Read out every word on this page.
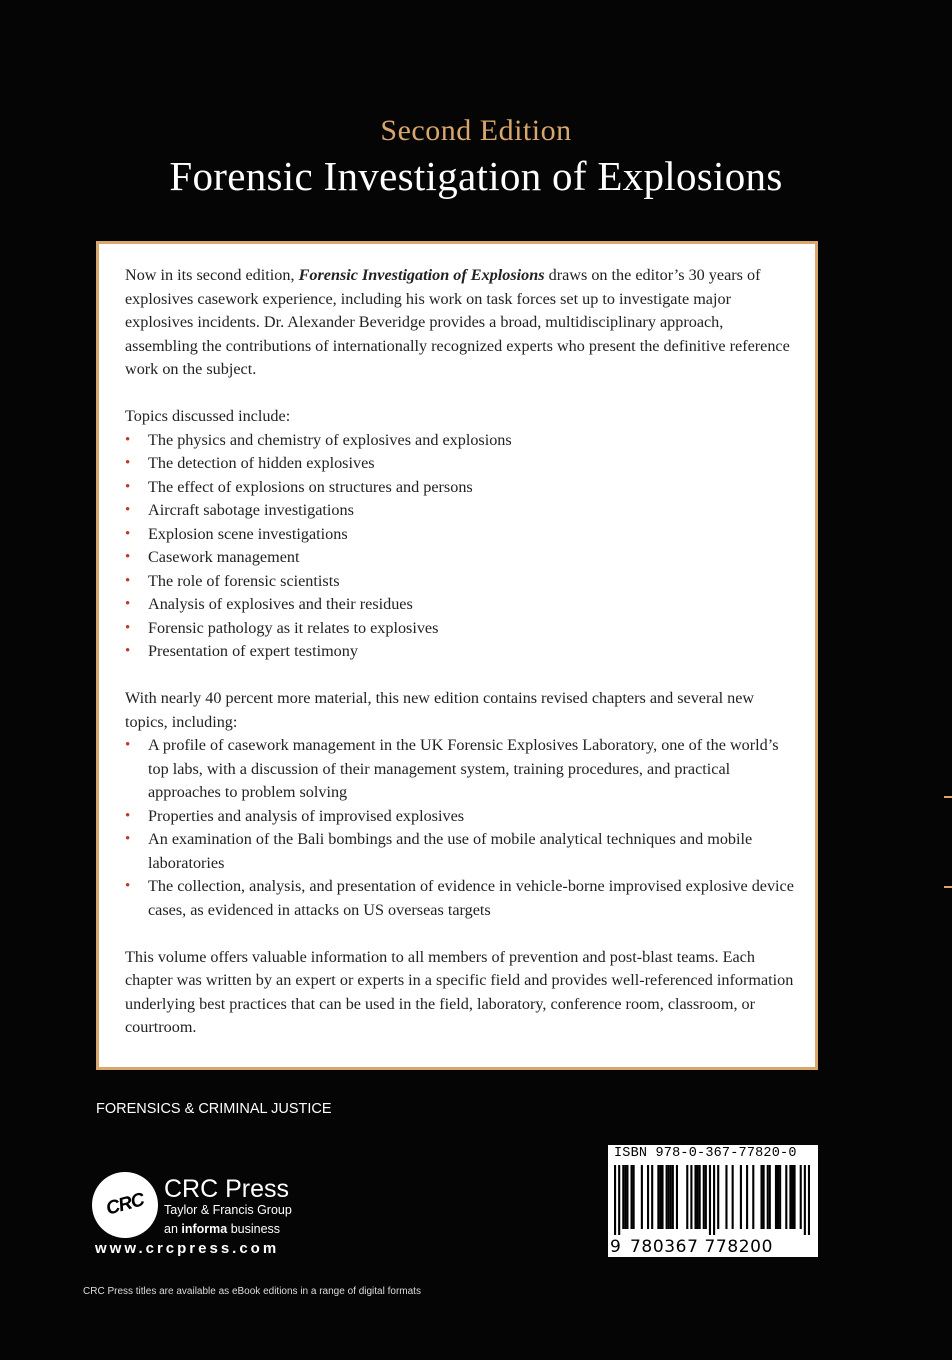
Second Edition
Forensic Investigation of Explosions

Now in its second edition, Forensic Investigation of Explosions draws on the editor’s 30 years of explosives casework experience, including his work on task forces set up to investigate major explosives incidents. Dr. Alexander Beveridge provides a broad, multidisciplinary approach, assembling the contributions of internationally recognized experts who present the definitive reference work on the subject.

Topics discussed include:

• The physics and chemistry of explosives and explosions
• The detection of hidden explosives
• The effect of explosions on structures and persons
• Aircraft sabotage investigations
• Explosion scene investigations
• Casework management
• The role of forensic scientists
• Analysis of explosives and their residues
• Forensic pathology as it relates to explosives
• Presentation of expert testimony

With nearly 40 percent more material, this new edition contains revised chapters and several new topics, including:

• A profile of casework management in the UK Forensic Explosives Laboratory, one of the world’s top labs, with a discussion of their management system, training procedures, and practical approaches to problem solving
• Properties and analysis of improvised explosives
• An examination of the Bali bombings and the use of mobile analytical techniques and mobile laboratories
• The collection, analysis, and presentation of evidence in vehicle-borne improvised explosive device cases, as evidenced in attacks on US overseas targets

This volume offers valuable information to all members of prevention and post-blast teams. Each chapter was written by an expert or experts in a specific field and provides well-referenced information underlying best practices that can be used in the field, laboratory, conference room, classroom, or courtroom.

FORENSICS & CRIMINAL JUSTICE
CRC
CRC Press
Taylor & Francis Group
an informa business
www.crcpress.com
CRC Press titles are available as eBook editions in a range of digital formats
ISBN 978-0-367-77820-0
9 780367 778200
